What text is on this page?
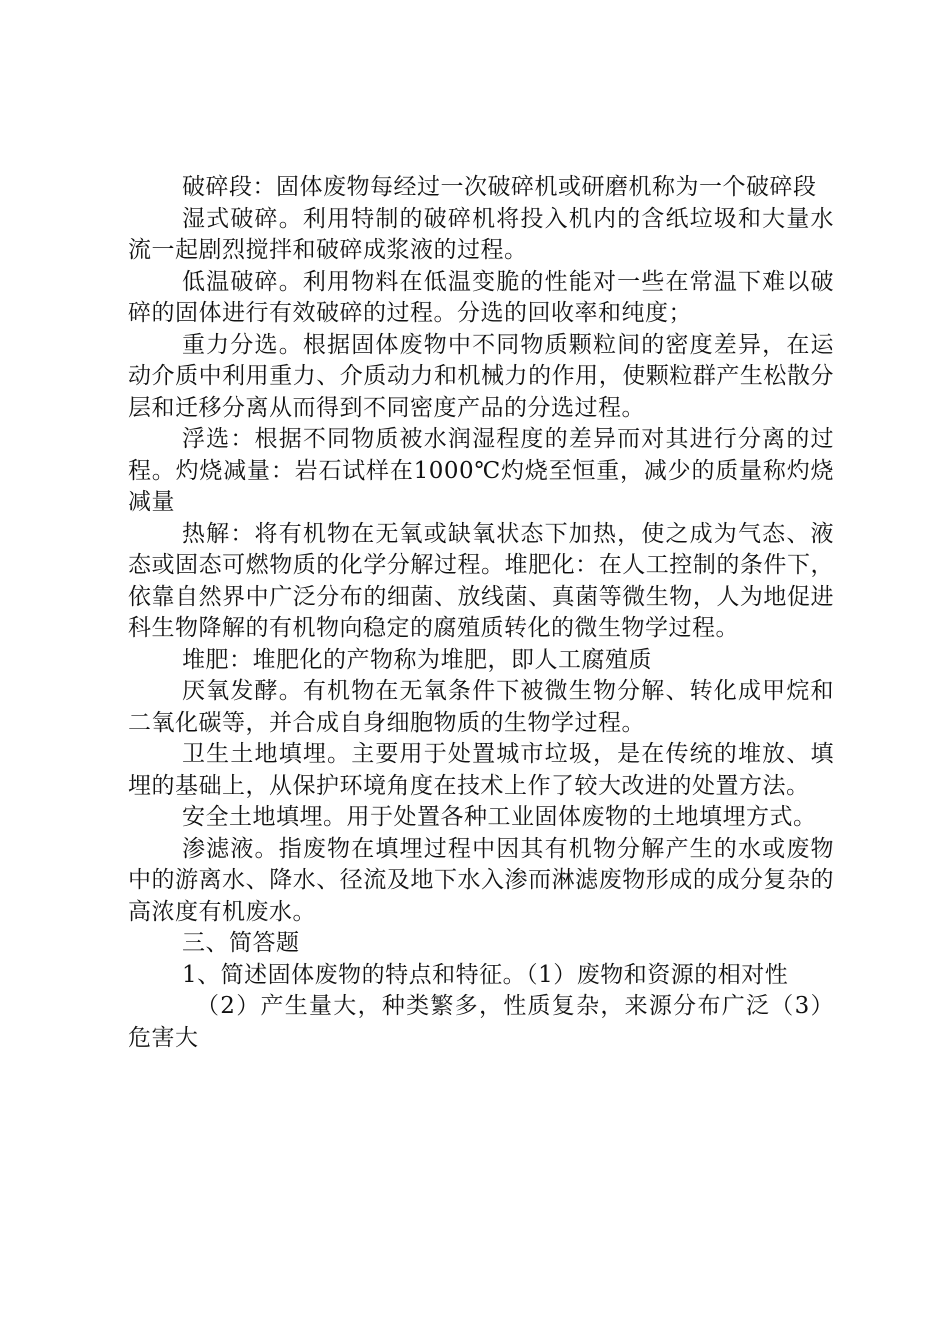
破碎段：固体废物每经过一次破碎机或研磨机称为一个破碎段

湿式破碎。利用特制的破碎机将投入机内的含纸垃圾和大量水流一起剧烈搅拌和破碎成浆液的过程。

低温破碎。利用物料在低温变脆的性能对一些在常温下难以破碎的固体进行有效破碎的过程。分选的回收率和纯度；

重力分选。根据固体废物中不同物质颗粒间的密度差异，在运动介质中利用重力、介质动力和机械力的作用，使颗粒群产生松散分层和迁移分离从而得到不同密度产品的分选过程。

浮选：根据不同物质被水润湿程度的差异而对其进行分离的过程。灼烧减量：岩石试样在1000℃灼烧至恒重，减少的质量称灼烧减量

热解：将有机物在无氧或缺氧状态下加热，使之成为气态、液态或固态可燃物质的化学分解过程。堆肥化：在人工控制的条件下，依靠自然界中广泛分布的细菌、放线菌、真菌等微生物，人为地促进科生物降解的有机物向稳定的腐殖质转化的微生物学过程。

堆肥：堆肥化的产物称为堆肥，即人工腐殖质

厌氧发酵。有机物在无氧条件下被微生物分解、转化成甲烷和二氧化碳等，并合成自身细胞物质的生物学过程。

卫生土地填埋。主要用于处置城市垃圾，是在传统的堆放、填埋的基础上，从保护环境角度在技术上作了较大改进的处置方法。

安全土地填埋。用于处置各种工业固体废物的土地填埋方式。

渗滤液。指废物在填埋过程中因其有机物分解产生的水或废物中的游离水、降水、径流及地下水入渗而淋滤废物形成的成分复杂的高浓度有机废水。

三、简答题

1、简述固体废物的特点和特征。（1）废物和资源的相对性

（2）产生量大，种类繁多，性质复杂，来源分布广泛（3）危害大
